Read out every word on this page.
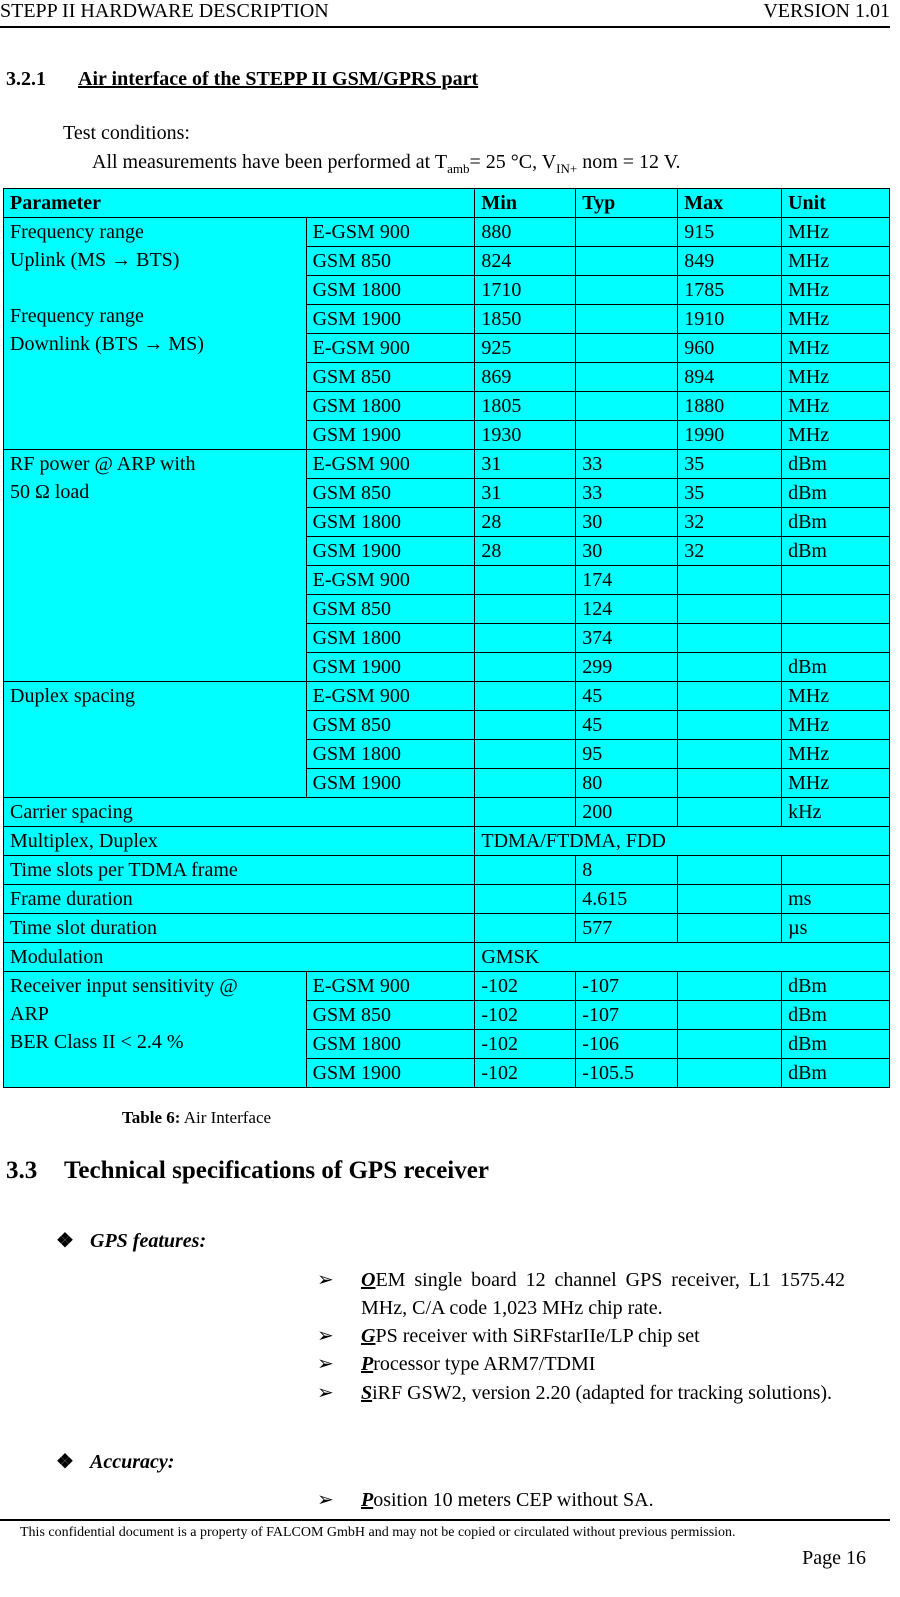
STEPP II HARDWARE DESCRIPTION	VERSION 1.01
3.2.1 Air interface of the STEPP II GSM/GPRS part
Test conditions:
All measurements have been performed at $T_{amb}= 25$ °C, $V_{IN+}$ nom = 12 V.
Parameter		Min	Typ	Max	Unit
Frequency range
Uplink (MS → BTS)

Frequency range
Downlink (BTS → MS)	E-GSM 900	880		915	MHz
	GSM 850	824		849	MHz
	GSM 1800	1710		1785	MHz
	GSM 1900	1850		1910	MHz
	E-GSM 900	925		960	MHz
	GSM 850	869		894	MHz
	GSM 1800	1805		1880	MHz
	GSM 1900	1930		1990	MHz
RF power @ ARP with
50 Ω load	E-GSM 900	31	33	35	dBm
	GSM 850	31	33	35	dBm
	GSM 1800	28	30	32	dBm
	GSM 1900	28	30	32	dBm
	E-GSM 900		174		
	GSM 850		124		
	GSM 1800		374		
	GSM 1900		299		dBm
Duplex spacing	E-GSM 900		45		MHz
	GSM 850		45		MHz
	GSM 1800		95		MHz
	GSM 1900		80		MHz
Carrier spacing			200		kHz
Multiplex, Duplex		TDMA/FTDMA, FDD			
Time slots per TDMA frame			8		
Frame duration			4.615		ms
Time slot duration			577		µs
Modulation		GMSK			
Receiver input sensitivity @
ARP
BER Class II < 2.4 %	E-GSM 900	-102	-107		dBm
	GSM 850	-102	-107		dBm
	GSM 1800	-102	-106		dBm
	GSM 1900	-102	-105.5		dBm
Table 6: Air Interface
3.3 Technical specifications of GPS receiver
❖ GPS features:
➢ OEM single board 12 channel GPS receiver, L1 1575.42 MHz, C/A code 1,023 MHz chip rate.
➢ GPS receiver with SiRFstarIIe/LP chip set
➢ Processor type ARM7/TDMI
➢ SiRF GSW2, version 2.20 (adapted for tracking solutions).
❖ Accuracy:
➢ Position 10 meters CEP without SA.
This confidential document is a property of FALCOM GmbH and may not be copied or circulated without previous permission.
Page 16
